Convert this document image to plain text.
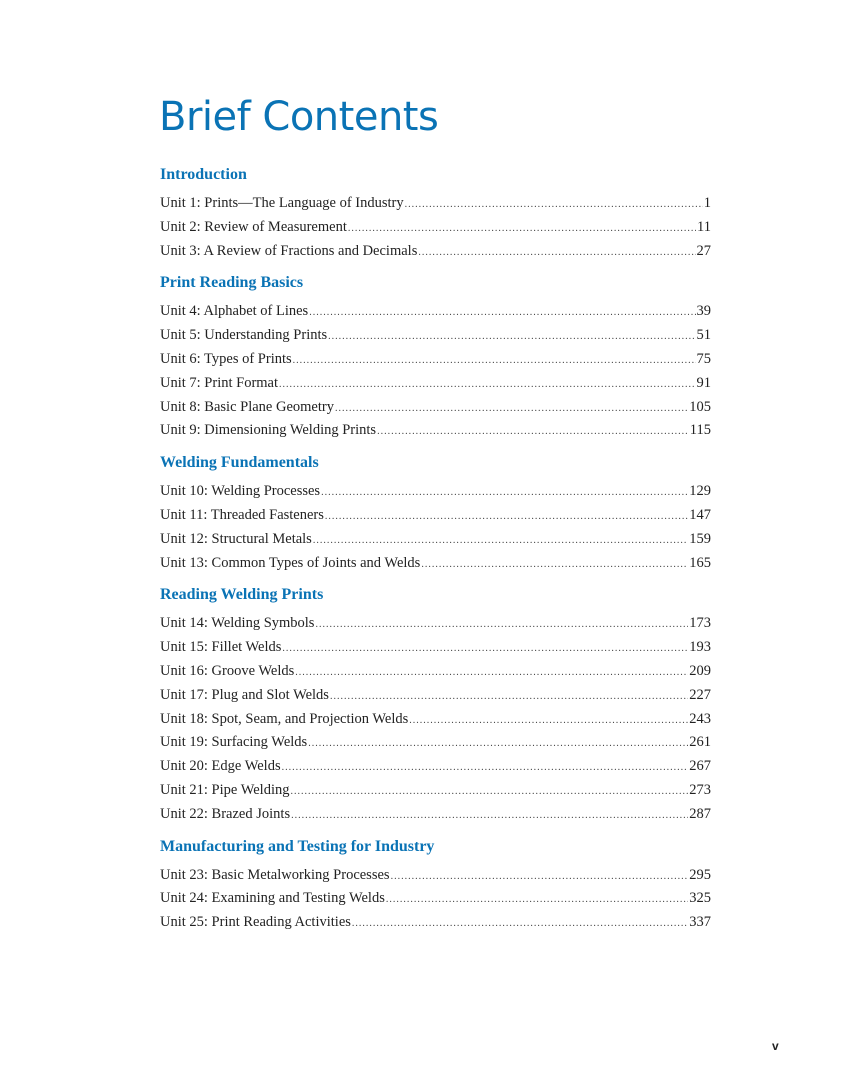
Brief Contents
Introduction
Unit 1: Prints—The Language of Industry .....	1
Unit 2: Review of Measurement .....	11
Unit 3: A Review of Fractions and Decimals .....	27
Print Reading Basics
Unit 4: Alphabet of Lines .....	39
Unit 5: Understanding Prints .....	51
Unit 6: Types of Prints .....	75
Unit 7: Print Format .....	91
Unit 8: Basic Plane Geometry .....	105
Unit 9: Dimensioning Welding Prints .....	115
Welding Fundamentals
Unit 10: Welding Processes .....	129
Unit 11: Threaded Fasteners .....	147
Unit 12: Structural Metals .....	159
Unit 13: Common Types of Joints and Welds .....	165
Reading Welding Prints
Unit 14: Welding Symbols .....	173
Unit 15: Fillet Welds .....	193
Unit 16: Groove Welds .....	209
Unit 17: Plug and Slot Welds .....	227
Unit 18: Spot, Seam, and Projection Welds .....	243
Unit 19: Surfacing Welds .....	261
Unit 20: Edge Welds .....	267
Unit 21: Pipe Welding .....	273
Unit 22: Brazed Joints .....	287
Manufacturing and Testing for Industry
Unit 23: Basic Metalworking Processes .....	295
Unit 24: Examining and Testing Welds .....	325
Unit 25: Print Reading Activities .....	337
v
